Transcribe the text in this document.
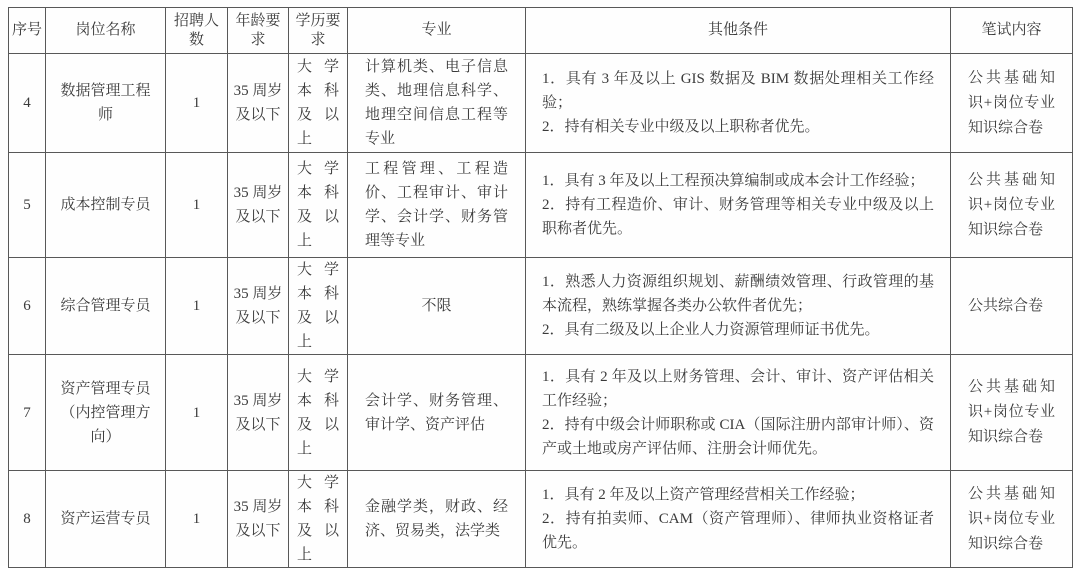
序号	岗位名称	招聘人数	年龄要求	学历要求	专业	其他条件	笔试内容
4	数据管理工程师	1	35 周岁及以下	大学本科及以上	计算机类、电子信息类、地理信息科学、地理空间信息工程等专业	1．具有 3 年及以上 GIS 数据及 BIM 数据处理相关工作经验；
2．持有相关专业中级及以上职称者优先。	公共基础知识+岗位专业知识综合卷
5	成本控制专员	1	35 周岁及以下	大学本科及以上	工程管理、工程造价、工程审计、审计学、会计学、财务管理等专业	1．具有 3 年及以上工程预决算编制或成本会计工作经验；
2．持有工程造价、审计、财务管理等相关专业中级及以上职称者优先。	公共基础知识+岗位专业知识综合卷
6	综合管理专员	1	35 周岁及以下	大学本科及以上	不限	1．熟悉人力资源组织规划、薪酬绩效管理、行政管理的基本流程，熟练掌握各类办公软件者优先；
2．具有二级及以上企业人力资源管理师证书优先。	公共综合卷
7	资产管理专员（内控管理方向）	1	35 周岁及以下	大学本科及以上	会计学、财务管理、审计学、资产评估	1．具有 2 年及以上财务管理、会计、审计、资产评估相关工作经验；
2．持有中级会计师职称或 CIA（国际注册内部审计师）、资产或土地或房产评估师、注册会计师优先。	公共基础知识+岗位专业知识综合卷
8	资产运营专员	1	35 周岁及以下	大学本科及以上	金融学类，财政、经济、贸易类，法学类	1．具有 2 年及以上资产管理经营相关工作经验；
2．持有拍卖师、CAM（资产管理师）、律师执业资格证者优先。	公共基础知识+岗位专业知识综合卷
